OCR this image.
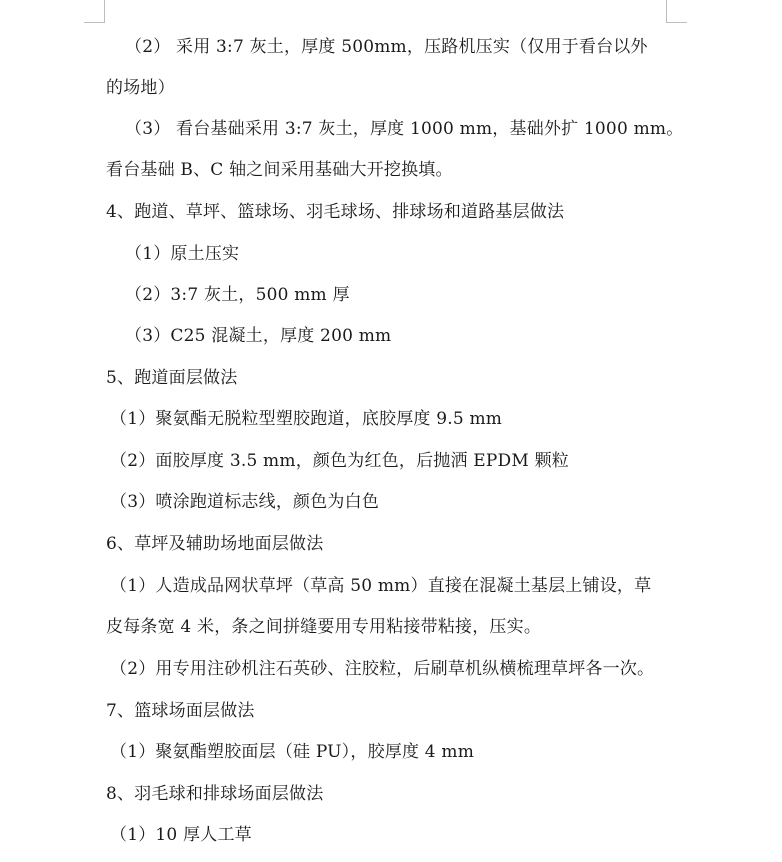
（2） 采用 3:7 灰土，厚度 500mm，压路机压实（仅用于看台以外
的场地）
（3） 看台基础采用 3:7 灰土，厚度 1000 mm，基础外扩 1000 mm。
看台基础 B、C 轴之间采用基础大开挖换填。
4、跑道、草坪、篮球场、羽毛球场、排球场和道路基层做法
（1）原土压实
（2）3:7 灰土，500 mm 厚
（3）C25 混凝土，厚度 200 mm
5、跑道面层做法
（1）聚氨酯无脱粒型塑胶跑道，底胶厚度 9.5 mm
（2）面胶厚度 3.5 mm，颜色为红色，后抛洒 EPDM 颗粒
（3）喷涂跑道标志线，颜色为白色
6、草坪及辅助场地面层做法
（1）人造成品网状草坪（草高 50 mm）直接在混凝土基层上铺设，草
皮每条宽 4 米，条之间拼缝要用专用粘接带粘接，压实。
（2）用专用注砂机注石英砂、注胶粒，后刷草机纵横梳理草坪各一次。
7、篮球场面层做法
（1）聚氨酯塑胶面层（硅 PU），胶厚度 4 mm
8、羽毛球和排球场面层做法
（1）10 厚人工草
